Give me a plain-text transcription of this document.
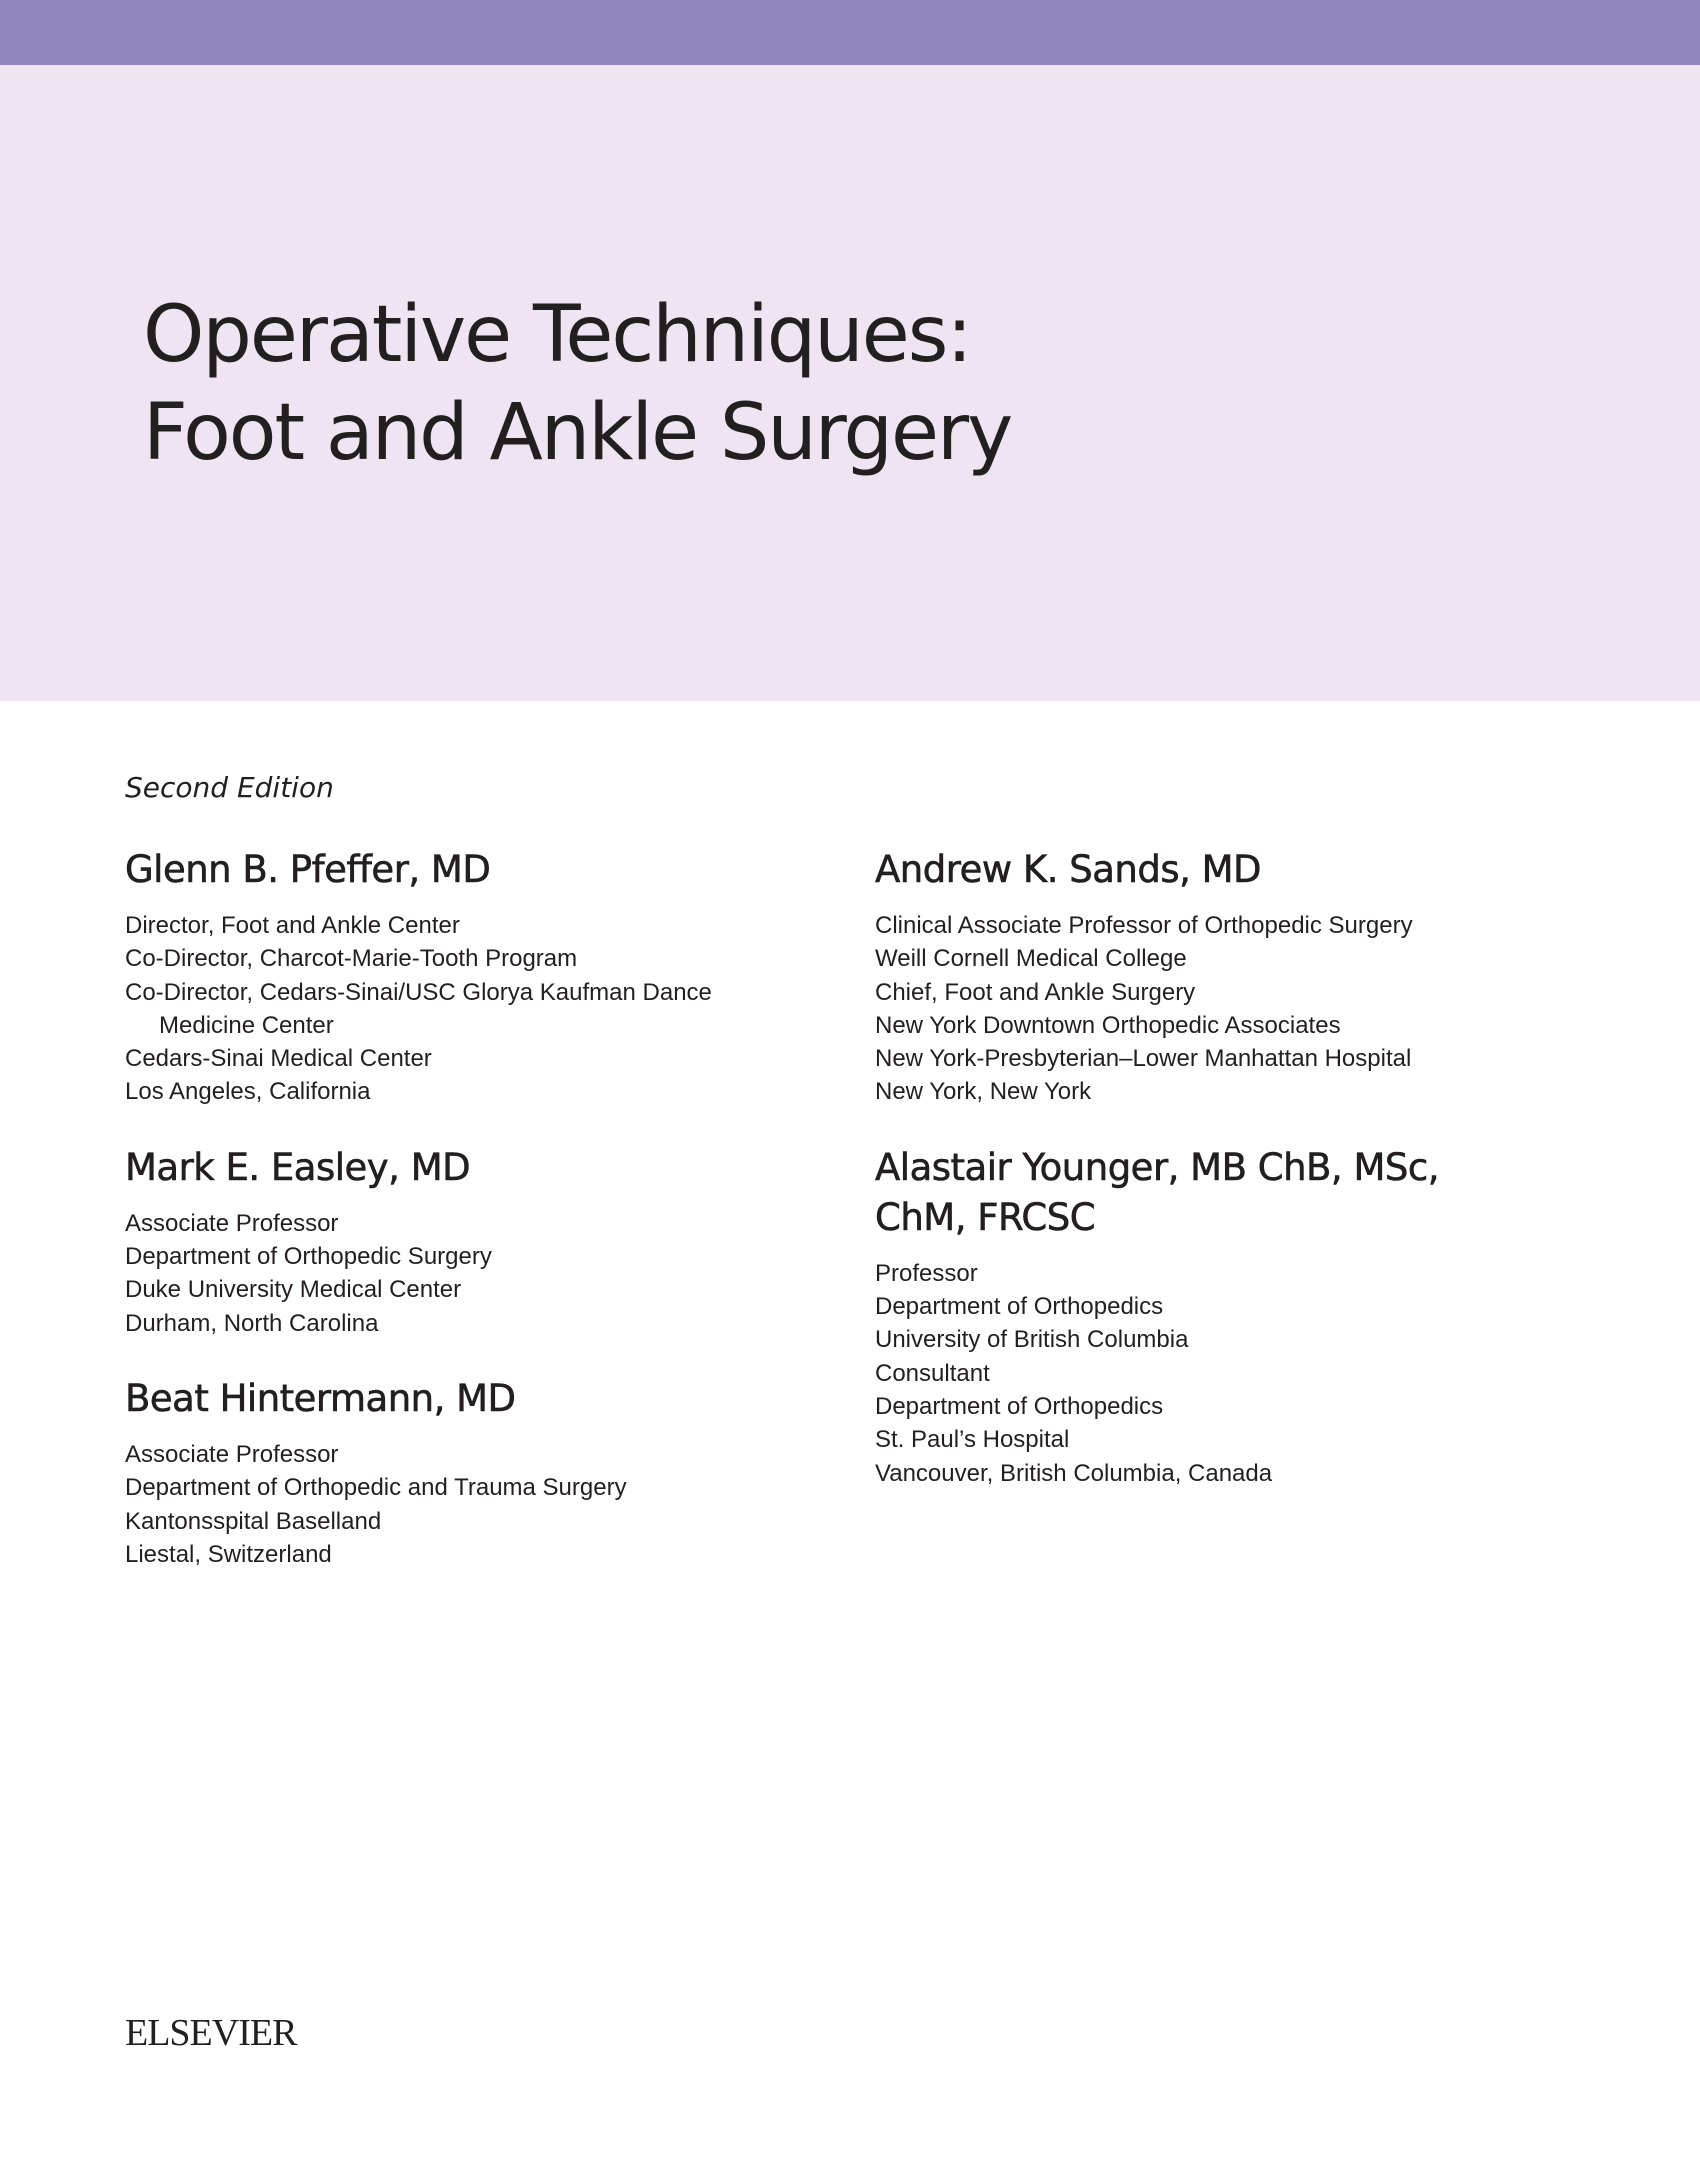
Operative Techniques:
Foot and Ankle Surgery
Second Edition
Glenn B. Pfeffer, MD
Director, Foot and Ankle Center
Co-Director, Charcot-Marie-Tooth Program
Co-Director, Cedars-Sinai/USC Glorya Kaufman Dance
Medicine Center
Cedars-Sinai Medical Center
Los Angeles, California
Mark E. Easley, MD
Associate Professor
Department of Orthopedic Surgery
Duke University Medical Center
Durham, North Carolina
Beat Hintermann, MD
Associate Professor
Department of Orthopedic and Trauma Surgery
Kantonsspital Baselland
Liestal, Switzerland
Andrew K. Sands, MD
Clinical Associate Professor of Orthopedic Surgery
Weill Cornell Medical College
Chief, Foot and Ankle Surgery
New York Downtown Orthopedic Associates
New York-Presbyterian–Lower Manhattan Hospital
New York, New York
Alastair Younger, MB ChB, MSc,
ChM, FRCSC
Professor
Department of Orthopedics
University of British Columbia
Consultant
Department of Orthopedics
St. Paul’s Hospital
Vancouver, British Columbia, Canada
ELSEVIER
